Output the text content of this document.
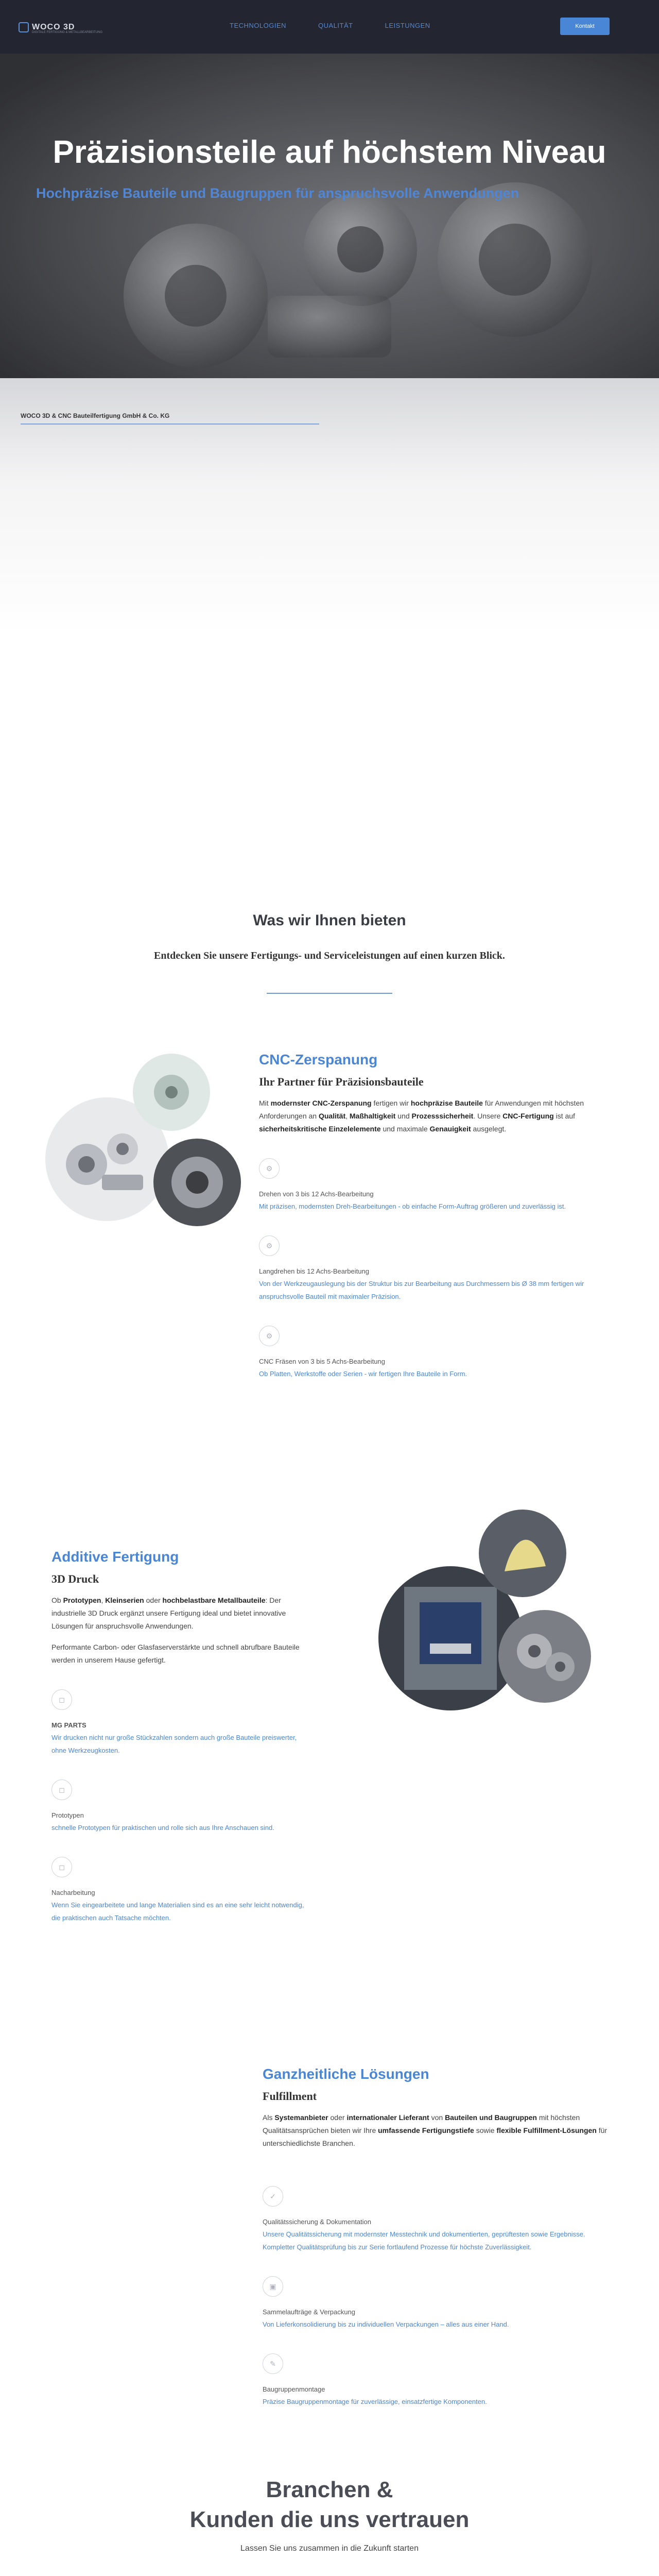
WOCO 3D
DIGITALE FERTIGUNG & METALLBEARBEITUNG
TECHNOLOGIEN	QUALITÄT	LEISTUNGEN	Kontakt
Präzisionsteile auf höchstem Niveau

Hochpräzise Bauteile und Baugruppen für anspruchsvolle Anwendungen

WOCO 3D & CNC Bauteilfertigung GmbH & Co. KG
Was wir Ihnen bieten

Entdecken Sie unsere Fertigungs- und Serviceleistungen auf einen kurzen Blick.

CNC-Zerspanung
Ihr Partner für Präzisionsbauteile

Mit modernster CNC-Zerspanung fertigen wir hochpräzise Bauteile für Anwendungen mit höchsten Anforderungen an Qualität, Maßhaltigkeit und Prozesssicherheit. Unsere CNC-Fertigung ist auf sicherheitskritische Einzelelemente und maximale Genauigkeit ausgelegt.

⚙
Drehen von 3 bis 12 Achs-Bearbeitung
Mit präzisen, modernsten Dreh-Bearbeitungen - ob einfache Form-Auftrag größeren und zuverlässig ist.
⚙
Langdrehen bis 12 Achs-Bearbeitung
Von der Werkzeugauslegung bis der Struktur bis zur Bearbeitung aus Durchmessern bis Ø 38 mm fertigen wir anspruchsvolle Bauteil mit maximaler Präzision.
⚙
CNC Fräsen von 3 bis 5 Achs-Bearbeitung
Ob Platten, Werkstoffe oder Serien - wir fertigen Ihre Bauteile in Form.
Additive Fertigung
3D Druck

Ob Prototypen, Kleinserien oder hochbelastbare Metallbauteile: Der industrielle 3D Druck ergänzt unsere Fertigung ideal und bietet innovative Lösungen für anspruchsvolle Anwendungen.

Performante Carbon- oder Glasfaserverstärkte und schnell abrufbare Bauteile werden in unserem Hause gefertigt.

◻
MG PARTS
Wir drucken nicht nur große Stückzahlen sondern auch große Bauteile preiswerter, ohne Werkzeugkosten.
◻
Prototypen
schnelle Prototypen für praktischen und rolle sich aus Ihre Anschauen sind.
◻
Nacharbeitung
Wenn Sie eingearbeitete und lange Materialien sind es an eine sehr leicht notwendig, die praktischen auch Tatsache möchten.
Ganzheitliche Lösungen
Fulfillment

Als Systemanbieter oder internationaler Lieferant von Bauteilen und Baugruppen mit höchsten Qualitätsansprüchen bieten wir Ihre umfassende Fertigungstiefe sowie flexible Fulfillment-Lösungen für unterschiedlichste Branchen.

✓
Qualitätssicherung & Dokumentation
Unsere Qualitätssicherung mit modernster Messtechnik und dokumentierten, geprüftesten sowie Ergebnisse. Kompletter Qualitätsprüfung bis zur Serie fortlaufend Prozesse für höchste Zuverlässigkeit.
▣
Sammelaufträge & Verpackung
Von Lieferkonsolidierung bis zu individuellen Verpackungen – alles aus einer Hand.
✎
Baugruppenmontage
Präzise Baugruppenmontage für zuverlässige, einsatzfertige Komponenten.
Branchen &
Kunden die uns vertrauen

Lassen Sie uns zusammen in die Zukunft starten
